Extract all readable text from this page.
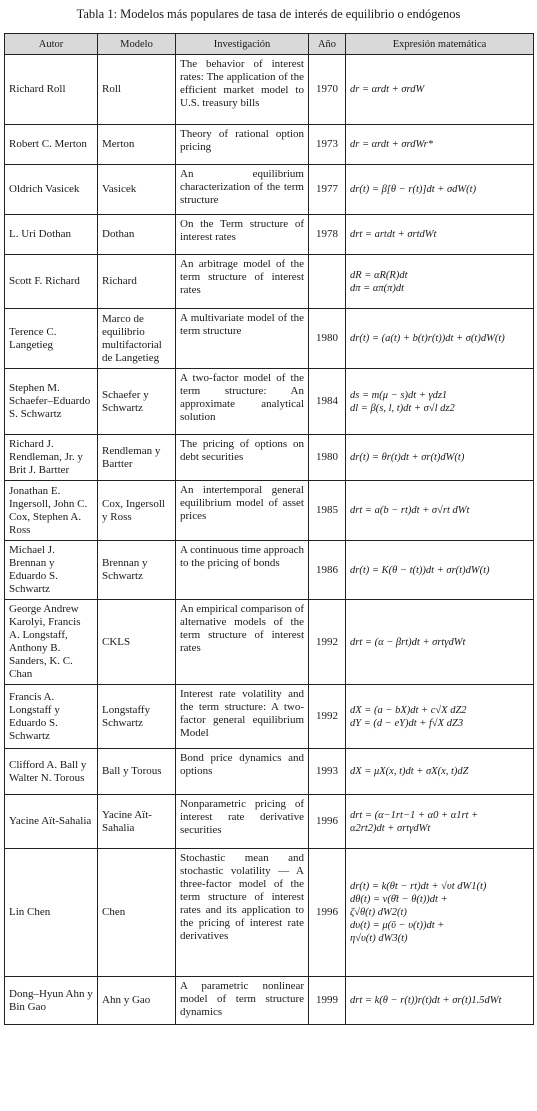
Tabla 1: Modelos más populares de tasa de interés de equilibrio o endógenos
Autor	Modelo	Investigación	Año	Expresión matemática
Richard Roll	Roll	The behavior of interest rates: The application of the efficient market model to U.S. treasury bills	1970	dr = αrdt + σrdW
Robert C. Merton	Merton	Theory of rational option pricing	1973	dr = αrdt + σrdWr*
Oldrich Vasicek	Vasicek	An equilibrium characterization of the term structure	1977	dr(t) = β[θ − r(t)]dt + σdW(t)
L. Uri Dothan	Dothan	On the Term structure of interest rates	1978	drt = artdt + σrtdWt
Scott F. Richard	Richard	An arbitrage model of the term structure of interest rates		dR = αR(R)dt
dπ = απ(π)dt
Terence C. Langetieg	Marco de equilibrio multifactorial de Langetieg	A multivariate model of the term structure	1980	dr(t) = (a(t) + b(t)r(t))dt + σ(t)dW(t)
Stephen M. Schaefer–Eduardo S. Schwartz	Schaefer y Schwartz	A two-factor model of the term structure: An approximate analytical solution	1984	ds = m(μ − s)dt + γdz1
dl = β(s, l, t)dt + σ√l dz2
Richard J. Rendleman, Jr. y Brit J. Bartter	Rendleman y Bartter	The pricing of options on debt securities	1980	dr(t) = θr(t)dt + σr(t)dW(t)
Jonathan E. Ingersoll, John C. Cox, Stephen A. Ross	Cox, Ingersoll y Ross	An intertemporal general equilibrium model of asset prices	1985	drt = a(b − rt)dt + σ√rt dWt
Michael J. Brennan y Eduardo S. Schwartz	Brennan y Schwartz	A continuous time approach to the pricing of bonds	1986	dr(t) = K(θ − t(t))dt + σr(t)dW(t)
George Andrew Karolyi, Francis A. Longstaff, Anthony B. Sanders, K. C. Chan	CKLS	An empirical comparison of alternative models of the term structure of interest rates	1992	drt = (α − βrt)dt + σrtγdWt
Francis A. Longstaff y Eduardo S. Schwartz	Longstaffy Schwartz	Interest rate volatility and the term structure: A two-factor general equilibrium Model	1992	dX = (a − bX)dt + c√X dZ2
dY = (d − eY)dt + f√X dZ3
Clifford A. Ball y Walter N. Torous	Ball y Torous	Bond price dynamics and options	1993	dX = μX(x, t)dt + σX(x, t)dZ
Yacine Aït-Sahalia	Yacine Aït-Sahalia	Nonparametric pricing of interest rate derivative securities	1996	drt = (α−1rt−1 + α0 + α1rt +
α2rt2)dt + σrtγdWt
Lin Chen	Chen	Stochastic mean and stochastic volatility — A three-factor model of the term structure of interest rates and its application to the pricing of interest rate derivatives	1996	dr(t) = k(θt − rt)dt + √υt dW1(t)
dθ(t) = ν(θ̄t − θ(t))dt +
ζ√θ(t) dW2(t)
dυ(t) = μ(ῡ − υ(t))dt +
η√υ(t) dW3(t)
Dong–Hyun Ahn y Bin Gao	Ahn y Gao	A parametric nonlinear model of term structure dynamics	1999	drt = k(θ − r(t))r(t)dt + σr(t)1.5dWt
